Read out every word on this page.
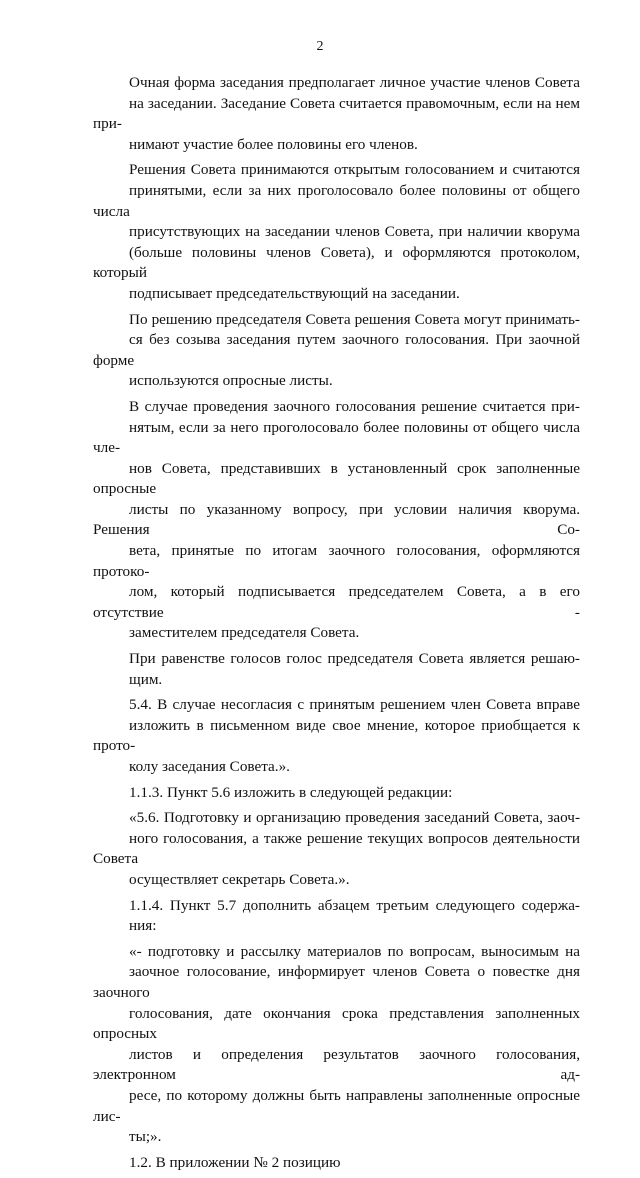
2

Очная форма заседания предполагает личное участие членов Совета
на заседании. Заседание Совета считается правомочным, если на нем при-
нимают участие более половины его членов.

Решения Совета принимаются открытым голосованием и считаются
принятыми, если за них проголосовало более половины от общего числа
присутствующих на заседании членов Совета, при наличии кворума
(больше половины членов Совета), и оформляются протоколом, который
подписывает председательствующий на заседании.

По решению председателя Совета решения Совета могут принимать-
ся без созыва заседания путем заочного голосования. При заочной форме
используются опросные листы.

В случае проведения заочного голосования решение считается при-
нятым, если за него проголосовало более половины от общего числа чле-
нов Совета, представивших в установленный срок заполненные опросные
листы по указанному вопросу, при условии наличия кворума. Решения Со-
вета, принятые по итогам заочного голосования, оформляются протоко-
лом, который подписывается председателем Совета, а в его отсутствие -
заместителем председателя Совета.

При равенстве голосов голос председателя Совета является решаю-
щим.

5.4. В случае несогласия с принятым решением член Совета вправе
изложить в письменном виде свое мнение, которое приобщается к прото-
колу заседания Совета.».

1.1.3. Пункт 5.6 изложить в следующей редакции:

«5.6. Подготовку и организацию проведения заседаний Совета, заоч-
ного голосования, а также решение текущих вопросов деятельности Совета
осуществляет секретарь Совета.».

1.1.4. Пункт 5.7 дополнить абзацем третьим следующего содержа-
ния:

«- подготовку и рассылку материалов по вопросам, выносимым на
заочное голосование, информирует членов Совета о повестке дня заочного
голосования, дате окончания срока представления заполненных опросных
листов и определения результатов заочного голосования, электронном ад-
ресе, по которому должны быть направлены заполненные опросные лис-
ты;».

1.2. В приложении № 2 позицию
